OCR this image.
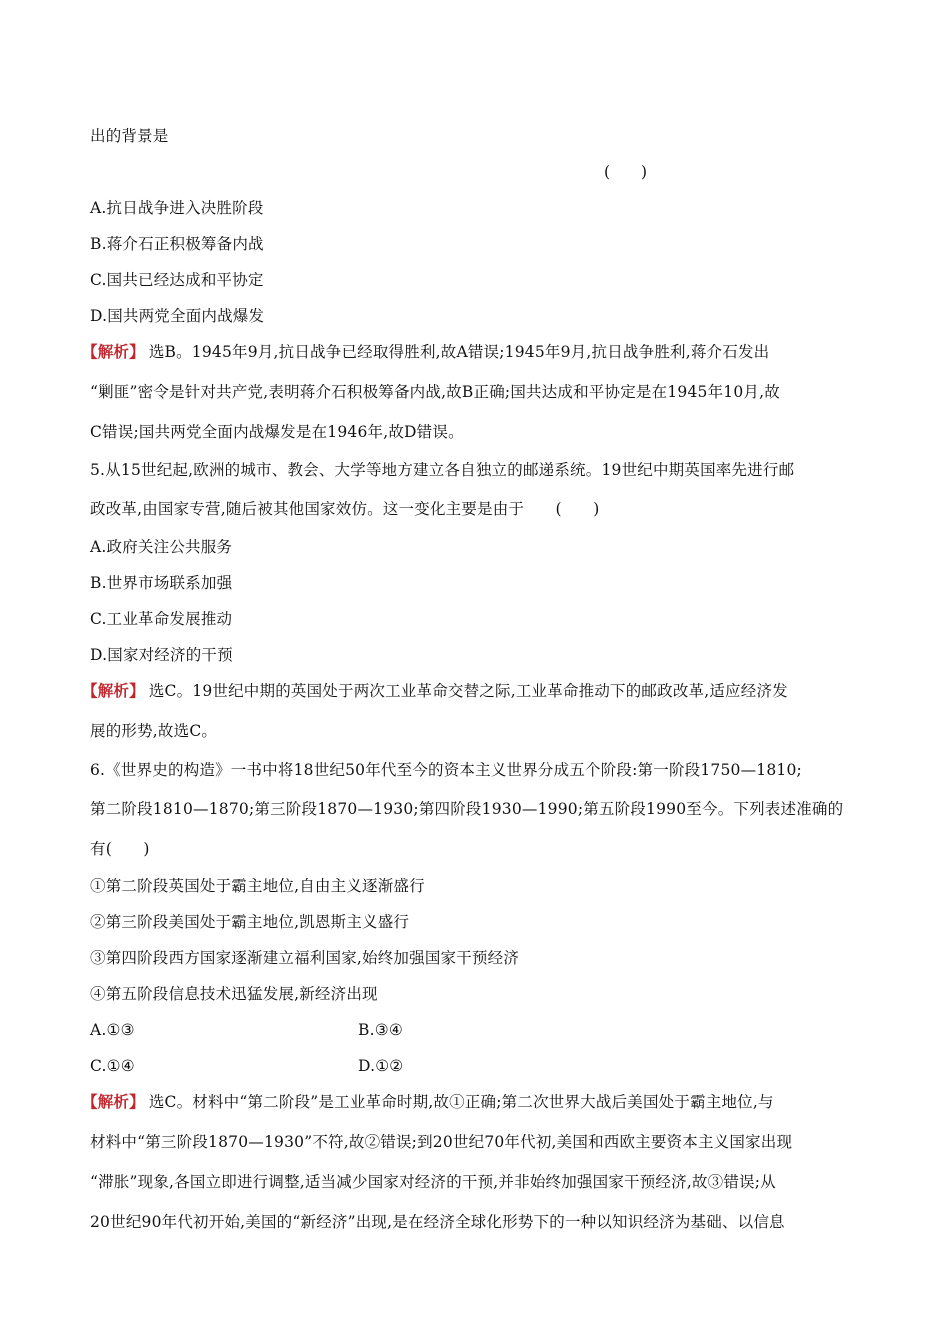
出的背景是
(　　)
A.抗日战争进入决胜阶段
B.蒋介石正积极筹备内战
C.国共已经达成和平协定
D.国共两党全面内战爆发
【解析】 选B。1945年9月,抗日战争已经取得胜利,故A错误;1945年9月,抗日战争胜利,蒋介石发出
“剿匪”密令是针对共产党,表明蒋介石积极筹备内战,故B正确;国共达成和平协定是在1945年10月,故
C错误;国共两党全面内战爆发是在1946年,故D错误。
5.从15世纪起,欧洲的城市、教会、大学等地方建立各自独立的邮递系统。19世纪中期英国率先进行邮
政改革,由国家专营,随后被其他国家效仿。这一变化主要是由于　　(　　)
A.政府关注公共服务
B.世界市场联系加强
C.工业革命发展推动
D.国家对经济的干预
【解析】 选C。19世纪中期的英国处于两次工业革命交替之际,工业革命推动下的邮政改革,适应经济发
展的形势,故选C。
6.《世界史的构造》一书中将18世纪50年代至今的资本主义世界分成五个阶段:第一阶段1750—1810;
第二阶段1810—1870;第三阶段1870—1930;第四阶段1930—1990;第五阶段1990至今。下列表述准确的
有(　　)
①第二阶段英国处于霸主地位,自由主义逐渐盛行
②第三阶段美国处于霸主地位,凯恩斯主义盛行
③第四阶段西方国家逐渐建立福利国家,始终加强国家干预经济
④第五阶段信息技术迅猛发展,新经济出现
A.①③	B.③④
C.①④	D.①②
【解析】 选C。材料中“第二阶段”是工业革命时期,故①正确;第二次世界大战后美国处于霸主地位,与
材料中“第三阶段1870—1930”不符,故②错误;到20世纪70年代初,美国和西欧主要资本主义国家出现
“滞胀”现象,各国立即进行调整,适当减少国家对经济的干预,并非始终加强国家干预经济,故③错误;从
20世纪90年代初开始,美国的“新经济”出现,是在经济全球化形势下的一种以知识经济为基础、以信息
